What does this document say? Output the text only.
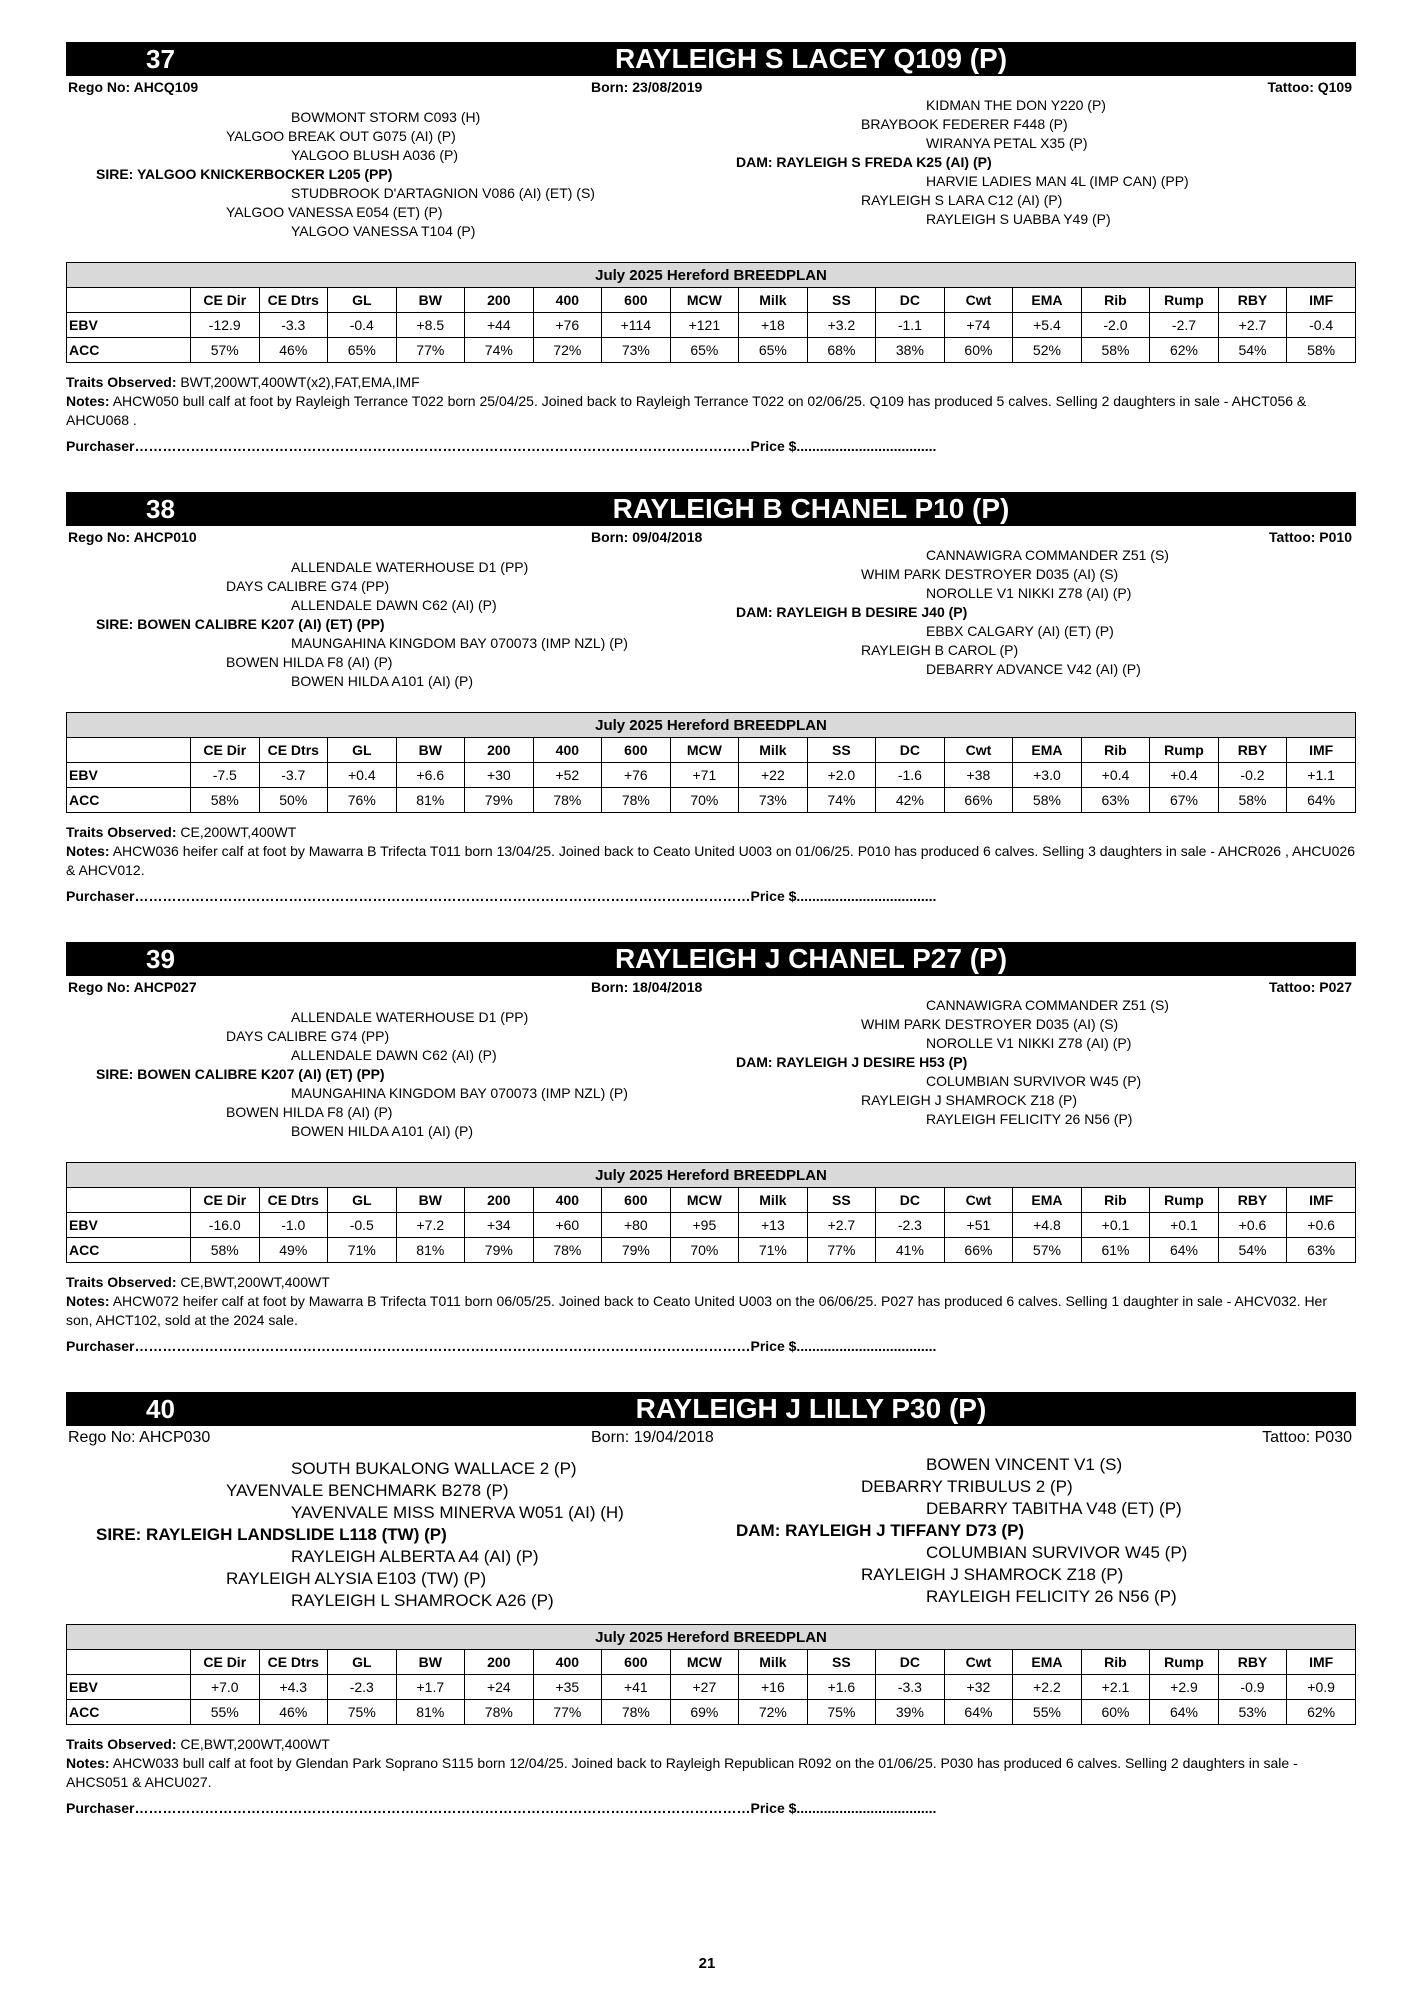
37	RAYLEIGH S LACEY Q109 (P)
Rego No: AHCQ109	Born: 23/08/2019	Tattoo: Q109
BOWMONT STORM C093 (H)
YALGOO BREAK OUT G075 (AI) (P)
YALGOO BLUSH A036 (P)
SIRE: YALGOO KNICKERBOCKER L205 (PP)
STUDBROOK D'ARTAGNION V086 (AI) (ET) (S)
YALGOO VANESSA E054 (ET) (P)
YALGOO VANESSA T104 (P)
KIDMAN THE DON Y220 (P)
BRAYBOOK FEDERER F448 (P)
WIRANYA PETAL X35 (P)
DAM: RAYLEIGH S FREDA K25 (AI) (P)
HARVIE LADIES MAN 4L (IMP CAN) (PP)
RAYLEIGH S LARA C12 (AI) (P)
RAYLEIGH S UABBA Y49 (P)
July 2025 Hereford BREEDPLAN																	
	CE Dir	CE Dtrs	GL	BW	200	400	600	MCW	Milk	SS	DC	Cwt	EMA	Rib	Rump	RBY	IMF
EBV	-12.9	-3.3	-0.4	+8.5	+44	+76	+114	+121	+18	+3.2	-1.1	+74	+5.4	-2.0	-2.7	+2.7	-0.4
ACC	57%	46%	65%	77%	74%	72%	73%	65%	65%	68%	38%	60%	52%	58%	62%	54%	58%
Traits Observed: BWT,200WT,400WT(x2),FAT,EMA,IMF
Notes: AHCW050 bull calf at foot by Rayleigh Terrance T022 born 25/04/25. Joined back to Rayleigh Terrance T022 on 02/06/25. Q109 has produced 5 calves. Selling 2 daughters in sale - AHCT056 & AHCU068 .
Purchaser……………………………………………………………………………………………………………………Price $....................................
38	RAYLEIGH B CHANEL P10 (P)
Rego No: AHCP010	Born: 09/04/2018	Tattoo: P010
ALLENDALE WATERHOUSE D1 (PP)
DAYS CALIBRE G74 (PP)
ALLENDALE DAWN C62 (AI) (P)
SIRE: BOWEN CALIBRE K207 (AI) (ET) (PP)
MAUNGAHINA KINGDOM BAY 070073 (IMP NZL) (P)
BOWEN HILDA F8 (AI) (P)
BOWEN HILDA A101 (AI) (P)
CANNAWIGRA COMMANDER Z51 (S)
WHIM PARK DESTROYER D035 (AI) (S)
NOROLLE V1 NIKKI Z78 (AI) (P)
DAM: RAYLEIGH B DESIRE J40 (P)
EBBX CALGARY (AI) (ET) (P)
RAYLEIGH B CAROL (P)
DEBARRY ADVANCE V42 (AI) (P)
July 2025 Hereford BREEDPLAN																	
	CE Dir	CE Dtrs	GL	BW	200	400	600	MCW	Milk	SS	DC	Cwt	EMA	Rib	Rump	RBY	IMF
EBV	-7.5	-3.7	+0.4	+6.6	+30	+52	+76	+71	+22	+2.0	-1.6	+38	+3.0	+0.4	+0.4	-0.2	+1.1
ACC	58%	50%	76%	81%	79%	78%	78%	70%	73%	74%	42%	66%	58%	63%	67%	58%	64%
Traits Observed: CE,200WT,400WT
Notes: AHCW036 heifer calf at foot by Mawarra B Trifecta T011 born 13/04/25. Joined back to Ceato United U003 on 01/06/25. P010 has produced 6 calves. Selling 3 daughters in sale - AHCR026 , AHCU026 & AHCV012.
Purchaser……………………………………………………………………………………………………………………Price $....................................
39	RAYLEIGH J CHANEL P27 (P)
Rego No: AHCP027	Born: 18/04/2018	Tattoo: P027
ALLENDALE WATERHOUSE D1 (PP)
DAYS CALIBRE G74 (PP)
ALLENDALE DAWN C62 (AI) (P)
SIRE: BOWEN CALIBRE K207 (AI) (ET) (PP)
MAUNGAHINA KINGDOM BAY 070073 (IMP NZL) (P)
BOWEN HILDA F8 (AI) (P)
BOWEN HILDA A101 (AI) (P)
CANNAWIGRA COMMANDER Z51 (S)
WHIM PARK DESTROYER D035 (AI) (S)
NOROLLE V1 NIKKI Z78 (AI) (P)
DAM: RAYLEIGH J DESIRE H53 (P)
COLUMBIAN SURVIVOR W45 (P)
RAYLEIGH J SHAMROCK Z18 (P)
RAYLEIGH FELICITY 26 N56 (P)
July 2025 Hereford BREEDPLAN																	
	CE Dir	CE Dtrs	GL	BW	200	400	600	MCW	Milk	SS	DC	Cwt	EMA	Rib	Rump	RBY	IMF
EBV	-16.0	-1.0	-0.5	+7.2	+34	+60	+80	+95	+13	+2.7	-2.3	+51	+4.8	+0.1	+0.1	+0.6	+0.6
ACC	58%	49%	71%	81%	79%	78%	79%	70%	71%	77%	41%	66%	57%	61%	64%	54%	63%
Traits Observed: CE,BWT,200WT,400WT
Notes: AHCW072 heifer calf at foot by Mawarra B Trifecta T011 born 06/05/25. Joined back to Ceato United U003 on the 06/06/25. P027 has produced 6 calves. Selling 1 daughter in sale - AHCV032. Her son, AHCT102, sold at the 2024 sale.
Purchaser……………………………………………………………………………………………………………………Price $....................................
40	RAYLEIGH J LILLY P30 (P)
Rego No: AHCP030	Born: 19/04/2018	Tattoo: P030
SOUTH BUKALONG WALLACE 2 (P)
YAVENVALE BENCHMARK B278 (P)
YAVENVALE MISS MINERVA W051 (AI) (H)
SIRE: RAYLEIGH LANDSLIDE L118 (TW) (P)
RAYLEIGH ALBERTA A4 (AI) (P)
RAYLEIGH ALYSIA E103 (TW) (P)
RAYLEIGH L SHAMROCK A26 (P)
BOWEN VINCENT V1 (S)
DEBARRY TRIBULUS 2 (P)
DEBARRY TABITHA V48 (ET) (P)
DAM: RAYLEIGH J TIFFANY D73 (P)
COLUMBIAN SURVIVOR W45 (P)
RAYLEIGH J SHAMROCK Z18 (P)
RAYLEIGH FELICITY 26 N56 (P)
July 2025 Hereford BREEDPLAN																	
	CE Dir	CE Dtrs	GL	BW	200	400	600	MCW	Milk	SS	DC	Cwt	EMA	Rib	Rump	RBY	IMF
EBV	+7.0	+4.3	-2.3	+1.7	+24	+35	+41	+27	+16	+1.6	-3.3	+32	+2.2	+2.1	+2.9	-0.9	+0.9
ACC	55%	46%	75%	81%	78%	77%	78%	69%	72%	75%	39%	64%	55%	60%	64%	53%	62%
Traits Observed: CE,BWT,200WT,400WT
Notes: AHCW033 bull calf at foot by Glendan Park Soprano S115 born 12/04/25. Joined back to Rayleigh Republican R092 on the 01/06/25. P030 has produced 6 calves. Selling 2 daughters in sale - AHCS051 & AHCU027.
Purchaser……………………………………………………………………………………………………………………Price $....................................
21
